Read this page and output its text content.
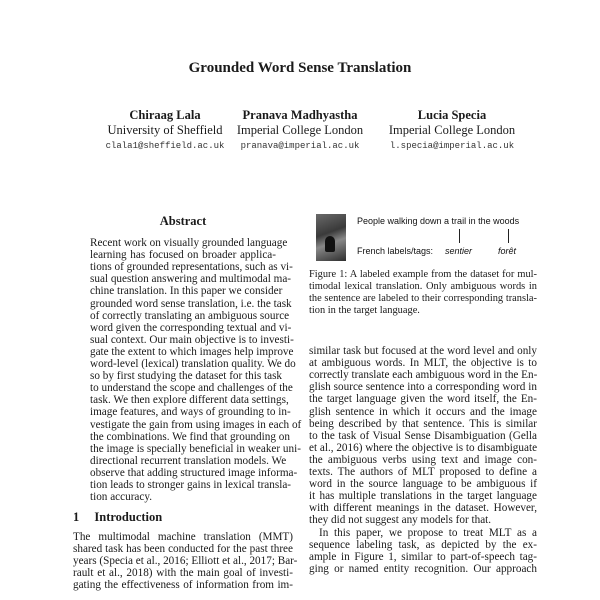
Grounded Word Sense Translation
Chiraag Lala
University of Sheffield
clala1@sheffield.ac.uk
Pranava Madhyastha
Imperial College London
pranava@imperial.ac.uk
Lucia Specia
Imperial College London
l.specia@imperial.ac.uk
Abstract
Recent work on visually grounded language
learning has focused on broader applica-
tions of grounded representations, such as vi-
sual question answering and multimodal ma-
chine translation. In this paper we consider
grounded word sense translation, i.e. the task
of correctly translating an ambiguous source
word given the corresponding textual and vi-
sual context. Our main objective is to investi-
gate the extent to which images help improve
word-level (lexical) translation quality. We do
so by first studying the dataset for this task
to understand the scope and challenges of the
task. We then explore different data settings,
image features, and ways of grounding to in-
vestigate the gain from using images in each of
the combinations. We find that grounding on
the image is specially beneficial in weaker uni-
directional recurrent translation models. We
observe that adding structured image informa-
tion leads to stronger gains in lexical transla-
tion accuracy.
1 Introduction
The multimodal machine translation (MMT)
shared task has been conducted for the past three
years (Specia et al., 2016; Elliott et al., 2017; Bar-
rault et al., 2018) with the main goal of investi-
gating the effectiveness of information from im-
People walking down a trail in the woods
French labels/tags: sentier	forêt
Figure 1: A labeled example from the dataset for mul-
timodal lexical translation. Only ambiguous words in
the sentence are labeled to their corresponding transla-
tion in the target language.
similar task but focused at the word level and only
at ambiguous words. In MLT, the objective is to
correctly translate each ambiguous word in the En-
glish source sentence into a corresponding word in
the target language given the word itself, the En-
glish sentence in which it occurs and the image
being described by that sentence. This is similar
to the task of Visual Sense Disambiguation (Gella
et al., 2016) where the objective is to disambiguate
the ambiguous verbs using text and image con-
texts. The authors of MLT proposed to define a
word in the source language to be ambiguous if
it has multiple translations in the target language
with different meanings in the dataset. However,
they did not suggest any models for that.
In this paper, we propose to treat MLT as a
sequence labeling task, as depicted by the ex-
ample in Figure 1, similar to part-of-speech tag-
ging or named entity recognition. Our approach
